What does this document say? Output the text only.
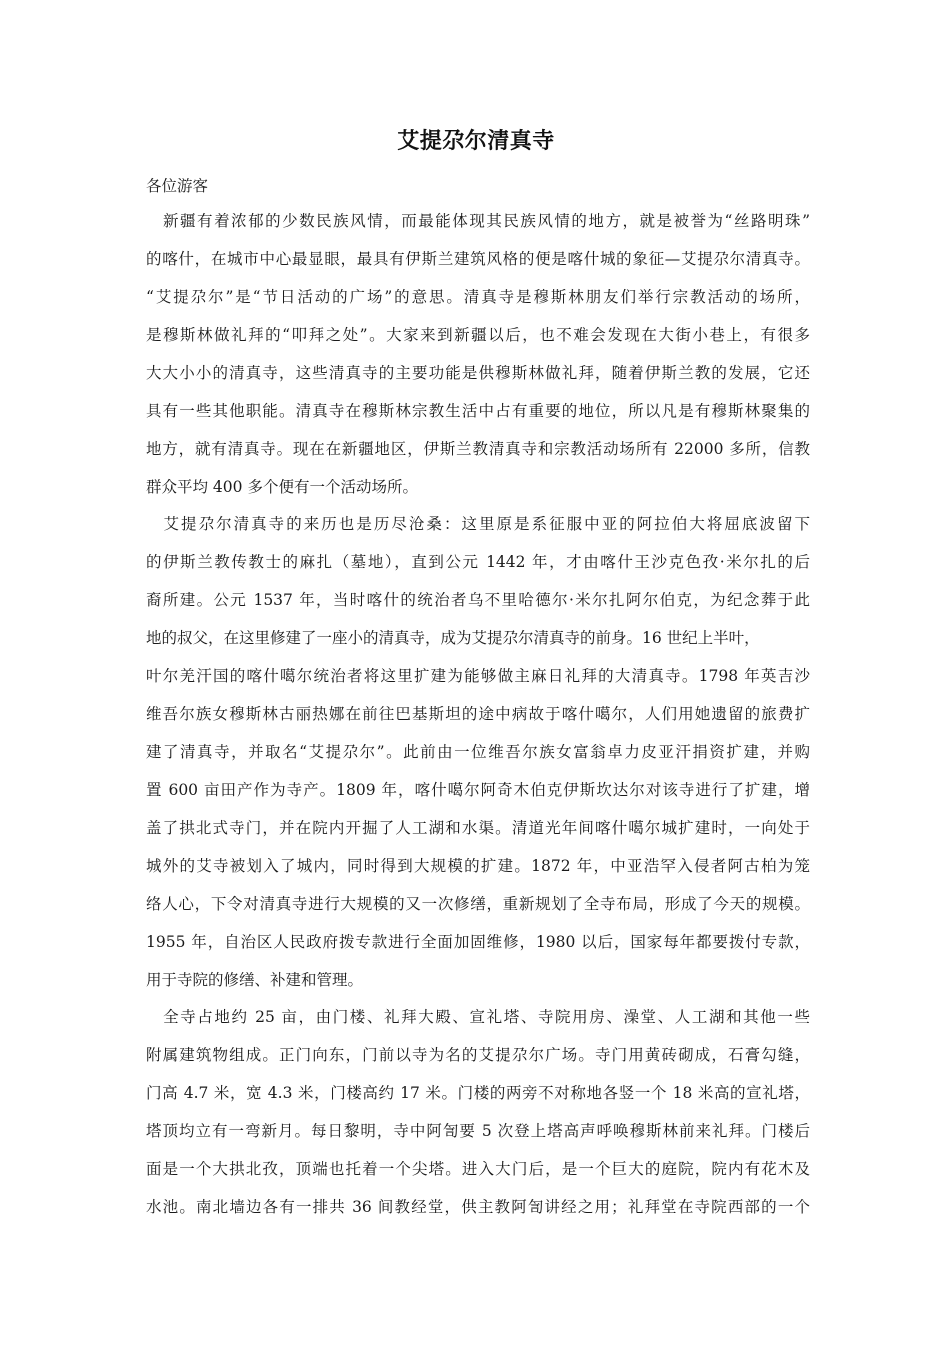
艾提尕尔清真寺

各位游客

　新疆有着浓郁的少数民族风情，而最能体现其民族风情的地方，就是被誉为“丝路明珠”

的喀什，在城市中心最显眼，最具有伊斯兰建筑风格的便是喀什城的象征—艾提尕尔清真寺。

“艾提尕尔”是“节日活动的广场”的意思。清真寺是穆斯林朋友们举行宗教活动的场所，

是穆斯林做礼拜的“叩拜之处”。大家来到新疆以后，也不难会发现在大街小巷上，有很多

大大小小的清真寺，这些清真寺的主要功能是供穆斯林做礼拜，随着伊斯兰教的发展，它还

具有一些其他职能。清真寺在穆斯林宗教生活中占有重要的地位，所以凡是有穆斯林聚集的

地方，就有清真寺。现在在新疆地区，伊斯兰教清真寺和宗教活动场所有 22000 多所，信教

群众平均 400 多个便有一个活动场所。

　艾提尕尔清真寺的来历也是历尽沧桑：这里原是系征服中亚的阿拉伯大将屈底波留下

的伊斯兰教传教士的麻扎（墓地），直到公元 1442 年，才由喀什王沙克色孜·米尔扎的后

裔所建。公元 1537 年，当时喀什的统治者乌不里哈德尔·米尔扎阿尔伯克，为纪念葬于此

地的叔父，在这里修建了一座小的清真寺，成为艾提尕尔清真寺的前身。16 世纪上半叶，

叶尔羌汗国的喀什噶尔统治者将这里扩建为能够做主麻日礼拜的大清真寺。1798 年英吉沙

维吾尔族女穆斯林古丽热娜在前往巴基斯坦的途中病故于喀什噶尔，人们用她遗留的旅费扩

建了清真寺，并取名“艾提尕尔”。此前由一位维吾尔族女富翁卓力皮亚汗捐资扩建，并购

置 600 亩田产作为寺产。1809 年，喀什噶尔阿奇木伯克伊斯坎达尔对该寺进行了扩建，增

盖了拱北式寺门，并在院内开掘了人工湖和水渠。清道光年间喀什噶尔城扩建时，一向处于

城外的艾寺被划入了城内，同时得到大规模的扩建。1872 年，中亚浩罕入侵者阿古柏为笼

络人心，下令对清真寺进行大规模的又一次修缮，重新规划了全寺布局，形成了今天的规模。

1955 年，自治区人民政府拨专款进行全面加固维修，1980 以后，国家每年都要拨付专款，

用于寺院的修缮、补建和管理。

　全寺占地约 25 亩，由门楼、礼拜大殿、宣礼塔、寺院用房、澡堂、人工湖和其他一些

附属建筑物组成。正门向东，门前以寺为名的艾提尕尔广场。寺门用黄砖砌成，石膏勾缝，

门高 4.7 米，宽 4.3 米，门楼高约 17 米。门楼的两旁不对称地各竖一个 18 米高的宣礼塔，

塔顶均立有一弯新月。每日黎明，寺中阿訇要 5 次登上塔高声呼唤穆斯林前来礼拜。门楼后

面是一个大拱北孜，顶端也托着一个尖塔。进入大门后，是一个巨大的庭院，院内有花木及

水池。南北墙边各有一排共 36 间教经堂，供主教阿訇讲经之用；礼拜堂在寺院西部的一个
